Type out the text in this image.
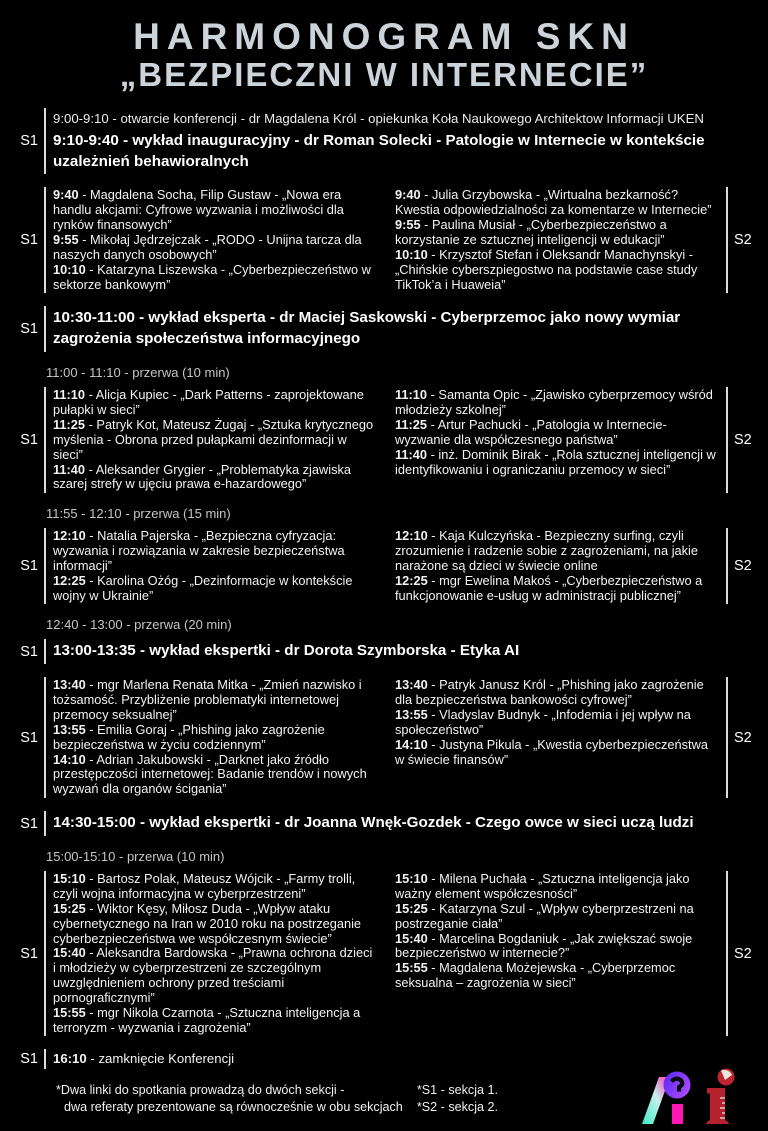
HARMONOGRAM SKN
„BEZPIECZNI W INTERNECIE”
S1

9:00-9:10 - otwarcie konferencji - dr Magdalena Król - opiekunka Koła Naukowego Architektow Informacji UKEN

9:10-9:40 - wykład inauguracyjny - dr Roman Solecki - Patologie w Internecie w kontekście uzależnień behawioralnych

S1

9:40 - Magdalena Socha, Filip Gustaw - „Nowa era handlu akcjami: Cyfrowe wyzwania i możliwości dla rynków finansowych”

9:55 - Mikołaj Jędrzejczak - „RODO - Unijna tarcza dla naszych danych osobowych”

10:10 - Katarzyna Liszewska - „Cyberbezpieczeństwo w sektorze bankowym”

9:40 - Julia Grzybowska - „Wirtualna bezkarność? Kwestia odpowiedzialności za komentarze w Internecie”

9:55 - Paulina Musiał - „Cyberbezpieczeństwo a korzystanie ze sztucznej inteligencji w edukacji”

10:10 - Krzysztof Stefan i Oleksandr Manachynskyi - „Chińskie cyberszpiegostwo na podstawie case study TikTok’a i Huaweia”

S2
S1

10:30-11:00 - wykład eksperta - dr Maciej Saskowski - Cyberprzemoc jako nowy wymiar zagrożenia społeczeństwa informacyjnego

11:00 - 11:10 - przerwa (10 min)

S1

11:10 - Alicja Kupiec - „Dark Patterns - zaprojektowane pułapki w sieci”

11:25 - Patryk Kot, Mateusz Żugaj - „Sztuka krytycznego myślenia - Obrona przed pułapkami dezinformacji w sieci”

11:40 - Aleksander Grygier - „Problematyka zjawiska szarej strefy w ujęciu prawa e-hazardowego”

11:10 - Samanta Opic - „Zjawisko cyberprzemocy wśród młodzieży szkolnej”

11:25 - Artur Pachucki - „Patologia w Internecie- wyzwanie dla współczesnego państwa”

11:40 - inż. Dominik Birak - „Rola sztucznej inteligencji w identyfikowaniu i ograniczaniu przemocy w sieci”

S2

11:55 - 12:10 - przerwa (15 min)

S1

12:10 - Natalia Pajerska - „Bezpieczna cyfryzacja: wyzwania i rozwiązania w zakresie bezpieczeństwa informacji”

12:25 - Karolina Ożóg - „Dezinformacje w kontekście wojny w Ukrainie”

12:10 - Kaja Kulczyńska - Bezpieczny surfing, czyli zrozumienie i radzenie sobie z zagrożeniami, na jakie narażone są dzieci w świecie online

12:25 - mgr Ewelina Makoś - „Cyberbezpieczeństwo a funkcjonowanie e-usług w administracji publicznej”

S2

12:40 - 13:00 - przerwa (20 min)

S1 13:00-13:35 - wykład ekspertki - dr Dorota Szymborska - Etyka AI

S1

13:40 - mgr Marlena Renata Mitka - „Zmień nazwisko i tożsamość. Przybliżenie problematyki internetowej przemocy seksualnej”

13:55 - Emilia Goraj - „Phishing jako zagrożenie bezpieczeństwa w życiu codziennym”

14:10 - Adrian Jakubowski - „Darknet jako źródło przestępczości internetowej: Badanie trendów i nowych wyzwań dla organów ścigania”

13:40 - Patryk Janusz Król - „Phishing jako zagrożenie dla bezpieczeństwa bankowości cyfrowej”

13:55 - Vladyslav Budnyk - „Infodemia i jej wpływ na społeczeństwo”

14:10 - Justyna Pikula - „Kwestia cyberbezpieczeństwa w świecie finansów”

S2
S1 14:30-15:00 - wykład ekspertki - dr Joanna Wnęk-Gozdek - Czego owce w sieci uczą ludzi

15:00-15:10 - przerwa (10 min)

S1

15:10 - Bartosz Polak, Mateusz Wójcik - „Farmy trolli, czyli wojna informacyjna w cyberprzestrzeni”

15:25 - Wiktor Kęsy, Miłosz Duda - „Wpływ ataku cybernetycznego na Iran w 2010 roku na postrzeganie cyberbezpieczeństwa we współczesnym świecie”

15:40 - Aleksandra Bardowska - „Prawna ochrona dzieci i młodzieży w cyberprzestrzeni ze szczególnym uwzględnieniem ochrony przed treściami pornograficznymi”

15:55 - mgr Nikola Czarnota - „Sztuczna inteligencja a terroryzm - wyzwania i zagrożenia”

15:10 - Milena Puchała - „Sztuczna inteligencja jako ważny element współczesności”

15:25 - Katarzyna Szul - „Wpływ cyberprzestrzeni na postrzeganie ciała”

15:40 - Marcelina Bogdaniuk - „Jak zwiększać swoje bezpieczeństwo w internecie?”

15:55 - Magdalena Możejewska - „Cyberprzemoc seksualna – zagrożenia w sieci”

S2
S1	16:10 - zamknięcie Konferencji

*Dwa linki do spotkania prowadzą do dwóch sekcji -
dwa referaty prezentowane są równocześnie w obu sekcjach
*S1 - sekcja 1.
*S2 - sekcja 2.
